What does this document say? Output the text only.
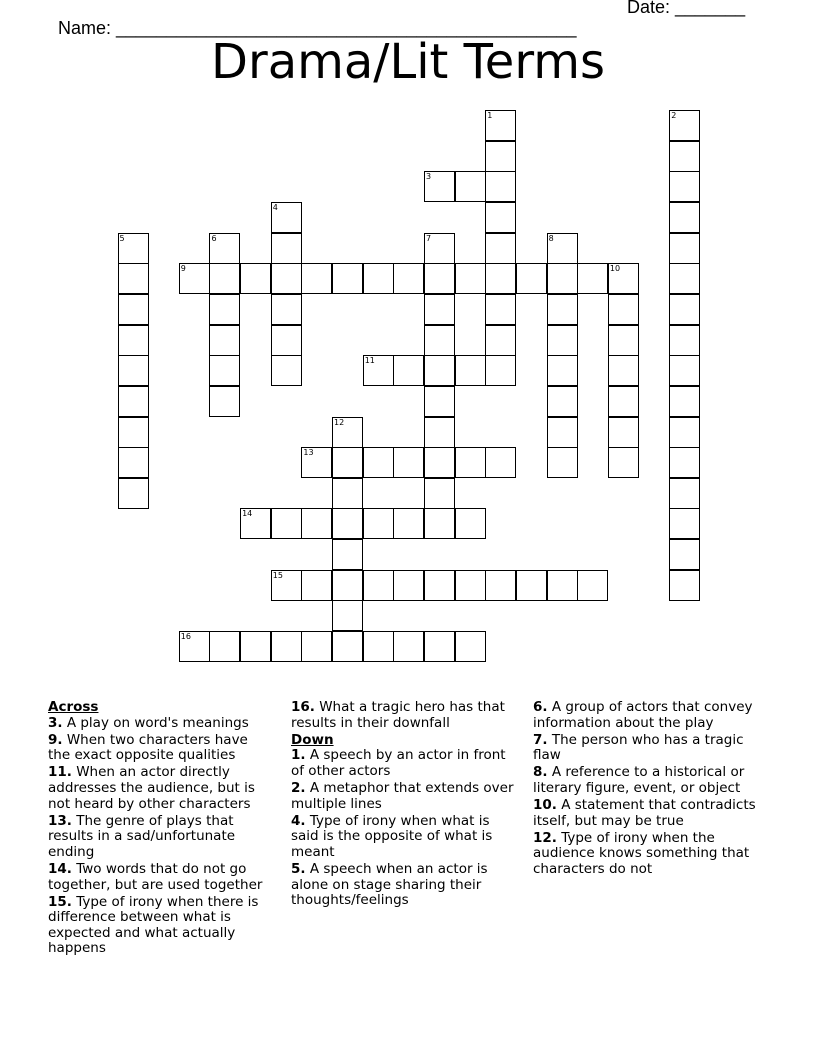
Name: ______________________________________________

Date: _______

Drama/Lit Terms
1	2
3
4
5	6	7	8
9	10
11
12
13
14
15
16
Across
3. A play on word's meanings
9. When two characters have the exact opposite qualities
11. When an actor directly addresses the audience, but is not heard by other characters
13. The genre of plays that results in a sad/unfortunate ending
14. Two words that do not go together, but are used together
15. Type of irony when there is difference between what is expected and what actually happens
16. What a tragic hero has that results in their downfall
Down
1. A speech by an actor in front of other actors
2. A metaphor that extends over multiple lines
4. Type of irony when what is said is the opposite of what is meant
5. A speech when an actor is alone on stage sharing their thoughts/feelings
6. A group of actors that convey information about the play
7. The person who has a tragic flaw
8. A reference to a historical or literary figure, event, or object
10. A statement that contradicts itself, but may be true
12. Type of irony when the audience knows something that characters do not
